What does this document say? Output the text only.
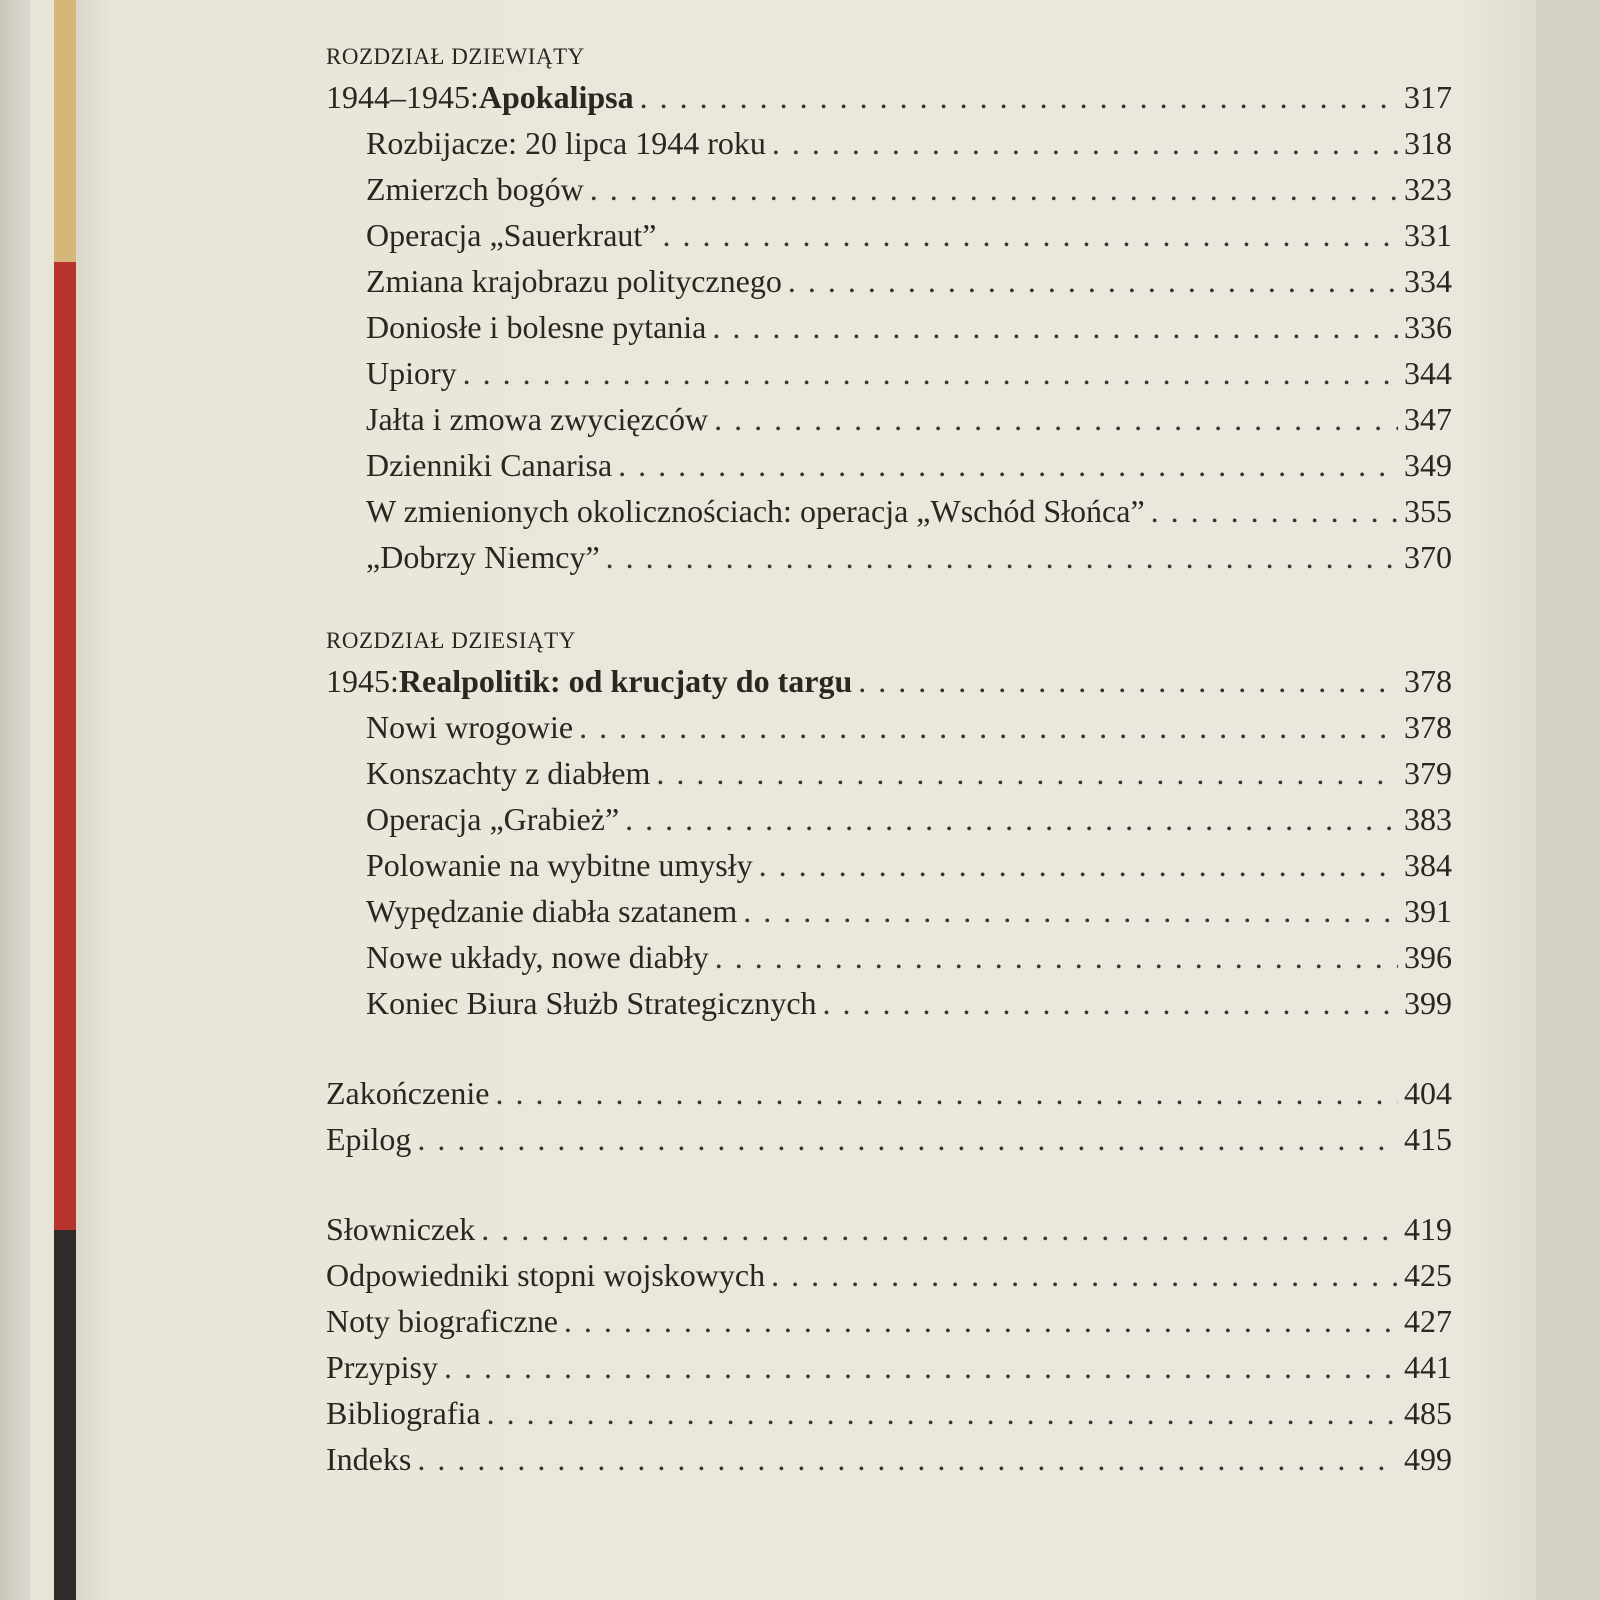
ROZDZIAŁ DZIEWIĄTY
1944–1945: Apokalipsa . . .	317
Rozbijacze: 20 lipca 1944 roku . . .	318
Zmierzch bogów . . .	323
Operacja „Sauerkraut” . . .	331
Zmiana krajobrazu politycznego . . .	334
Doniosłe i bolesne pytania . . .	336
Upiory . . .	344
Jałta i zmowa zwycięzców . . .	347
Dzienniki Canarisa . . .	349
W zmienionych okolicznościach: operacja „Wschód Słońca” . . .	355
„Dobrzy Niemcy” . . .	370
ROZDZIAŁ DZIESIĄTY
1945: Realpolitik: od krucjaty do targu . . .	378
Nowi wrogowie . . .	378
Konszachty z diabłem . . .	379
Operacja „Grabież” . . .	383
Polowanie na wybitne umysły . . .	384
Wypędzanie diabła szatanem . . .	391
Nowe układy, nowe diabły . . .	396
Koniec Biura Służb Strategicznych . . .	399
Zakończenie . . .	404
Epilog . . .	415
Słowniczek . . .	419
Odpowiedniki stopni wojskowych . . .	425
Noty biograficzne . . .	427
Przypisy . . .	441
Bibliografia . . .	485
Indeks . . .	499
